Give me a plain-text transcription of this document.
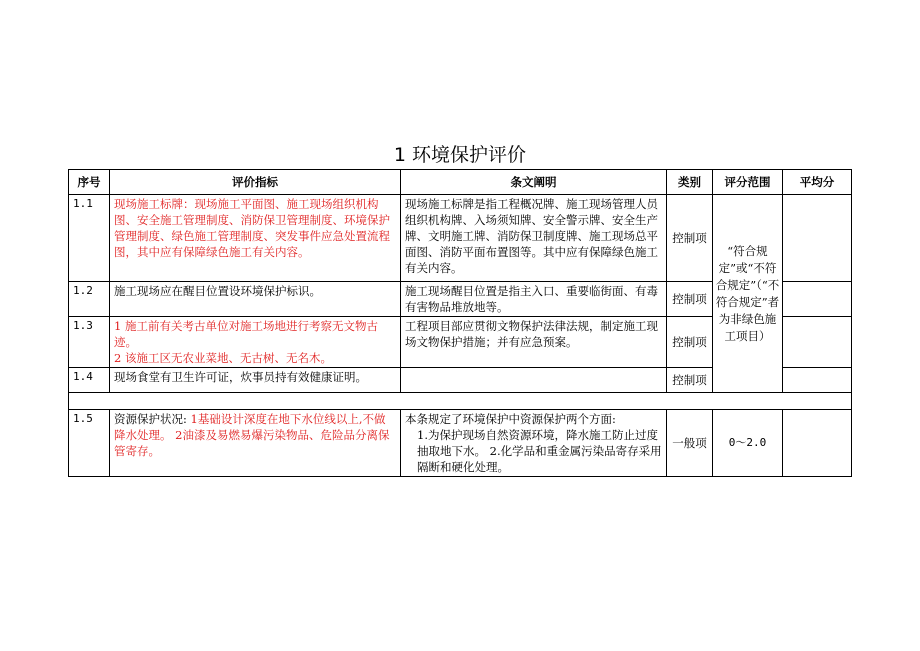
1 环境保护评价
序号	评价指标	条文阐明	类别	评分范围	平均分
1.1	现场施工标牌：现场施工平面图、施工现场组织机构图、安全施工管理制度、消防保卫管理制度、环境保护管理制度、绿色施工管理制度、突发事件应急处置流程图，其中应有保障绿色施工有关内容。	现场施工标牌是指工程概况牌、施工现场管理人员组织机构牌、入场须知牌、安全警示牌、安全生产牌、文明施工牌、消防保卫制度牌、施工现场总平面图、消防平面布置图等。其中应有保障绿色施工有关内容。	控制项	“符合规定”或“不符合规定”（“不符合规定”者为非绿色施工项目）	
1.2	施工现场应在醒目位置设环境保护标识。	施工现场醒目位置是指主入口、重要临街面、有毒有害物品堆放地等。	控制项		
1.3	1 施工前有关考古单位对施工场地进行考察无文物古迹。
2 该施工区无农业菜地、无古树、无名木。	工程项目部应贯彻文物保护法律法规，制定施工现场文物保护措施；并有应急预案。	控制项		
1.4	现场食堂有卫生许可证，炊事员持有效健康证明。		控制项		

1.5	资源保护状况: 1基础设计深度在地下水位线以上,不做降水处理。 2油漆及易燃易爆污染物品、危险品分离保管寄存。	本条规定了环境保护中资源保护两个方面:
1.为保护现场自然资源环境，降水施工防止过度抽取地下水。 2.化学品和重金属污染品寄存采用隔断和硬化处理。	一般项	0～2.0	
